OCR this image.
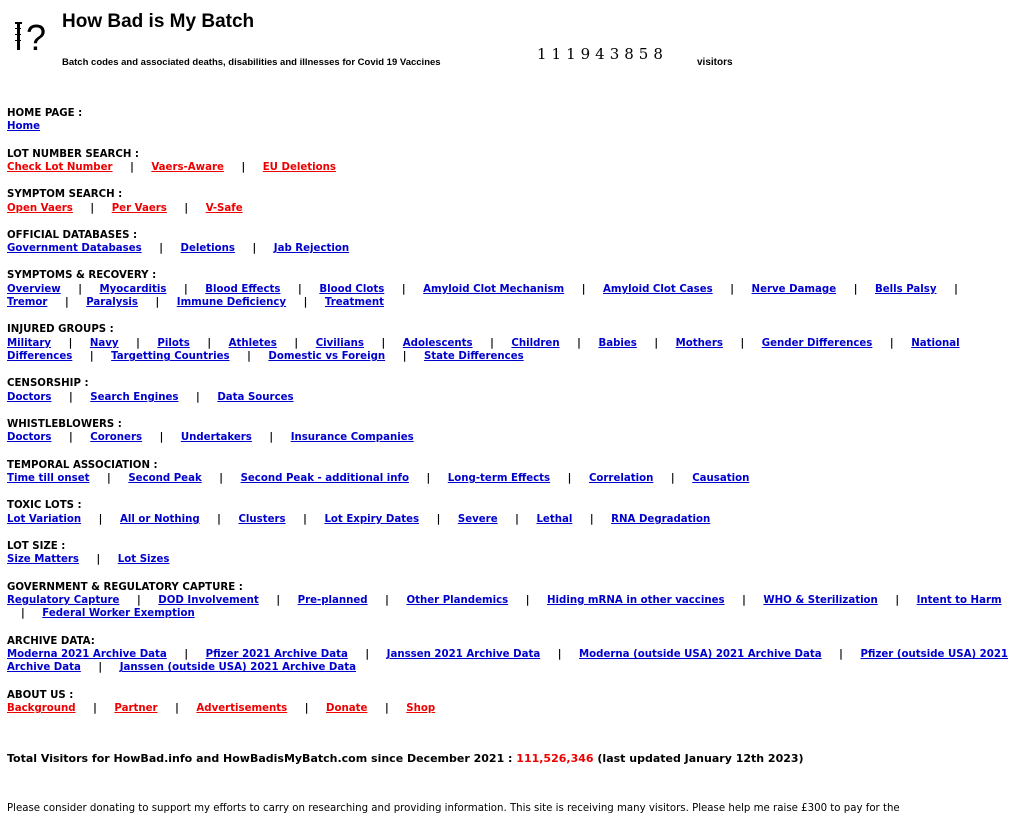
? How Bad is My Batch
Batch codes and associated deaths, disabilities and illnesses for Covid 19 Vaccines	111943858	visitors
HOME PAGE :
Home
LOT NUMBER SEARCH :
Check Lot Number | Vaers-Aware | EU Deletions
SYMPTOM SEARCH :
Open Vaers | Per Vaers | V-Safe
OFFICIAL DATABASES :
Government Databases | Deletions | Jab Rejection
SYMPTOMS & RECOVERY :
Overview | Myocarditis | Blood Effects | Blood Clots | Amyloid Clot Mechanism | Amyloid Clot Cases | Nerve Damage | Bells Palsy | Tremor | Paralysis | Immune Deficiency | Treatment
INJURED GROUPS :
Military | Navy | Pilots | Athletes | Civilians | Adolescents | Children | Babies | Mothers | Gender Differences | National Differences | Targetting Countries | Domestic vs Foreign | State Differences
CENSORSHIP :
Doctors | Search Engines | Data Sources
WHISTLEBLOWERS :
Doctors | Coroners | Undertakers | Insurance Companies
TEMPORAL ASSOCIATION :
Time till onset | Second Peak | Second Peak - additional info | Long-term Effects | Correlation | Causation
TOXIC LOTS :
Lot Variation | All or Nothing | Clusters | Lot Expiry Dates | Severe | Lethal | RNA Degradation
LOT SIZE :
Size Matters | Lot Sizes
GOVERNMENT & REGULATORY CAPTURE :
Regulatory Capture | DOD Involvement | Pre-planned | Other Plandemics | Hiding mRNA in other vaccines | WHO & Sterilization | Intent to Harm | Federal Worker Exemption
ARCHIVE DATA:
Moderna 2021 Archive Data | Pfizer 2021 Archive Data | Janssen 2021 Archive Data | Moderna (outside USA) 2021 Archive Data | Pfizer (outside USA) 2021 Archive Data | Janssen (outside USA) 2021 Archive Data
ABOUT US :
Background | Partner | Advertisements | Donate | Shop
Total Visitors for HowBad.info and HowBadisMyBatch.com since December 2021 : 111,526,346 (last updated January 12th 2023)
Please consider donating to support my efforts to carry on researching and providing information. This site is receiving many visitors. Please help me raise £300 to pay for the
